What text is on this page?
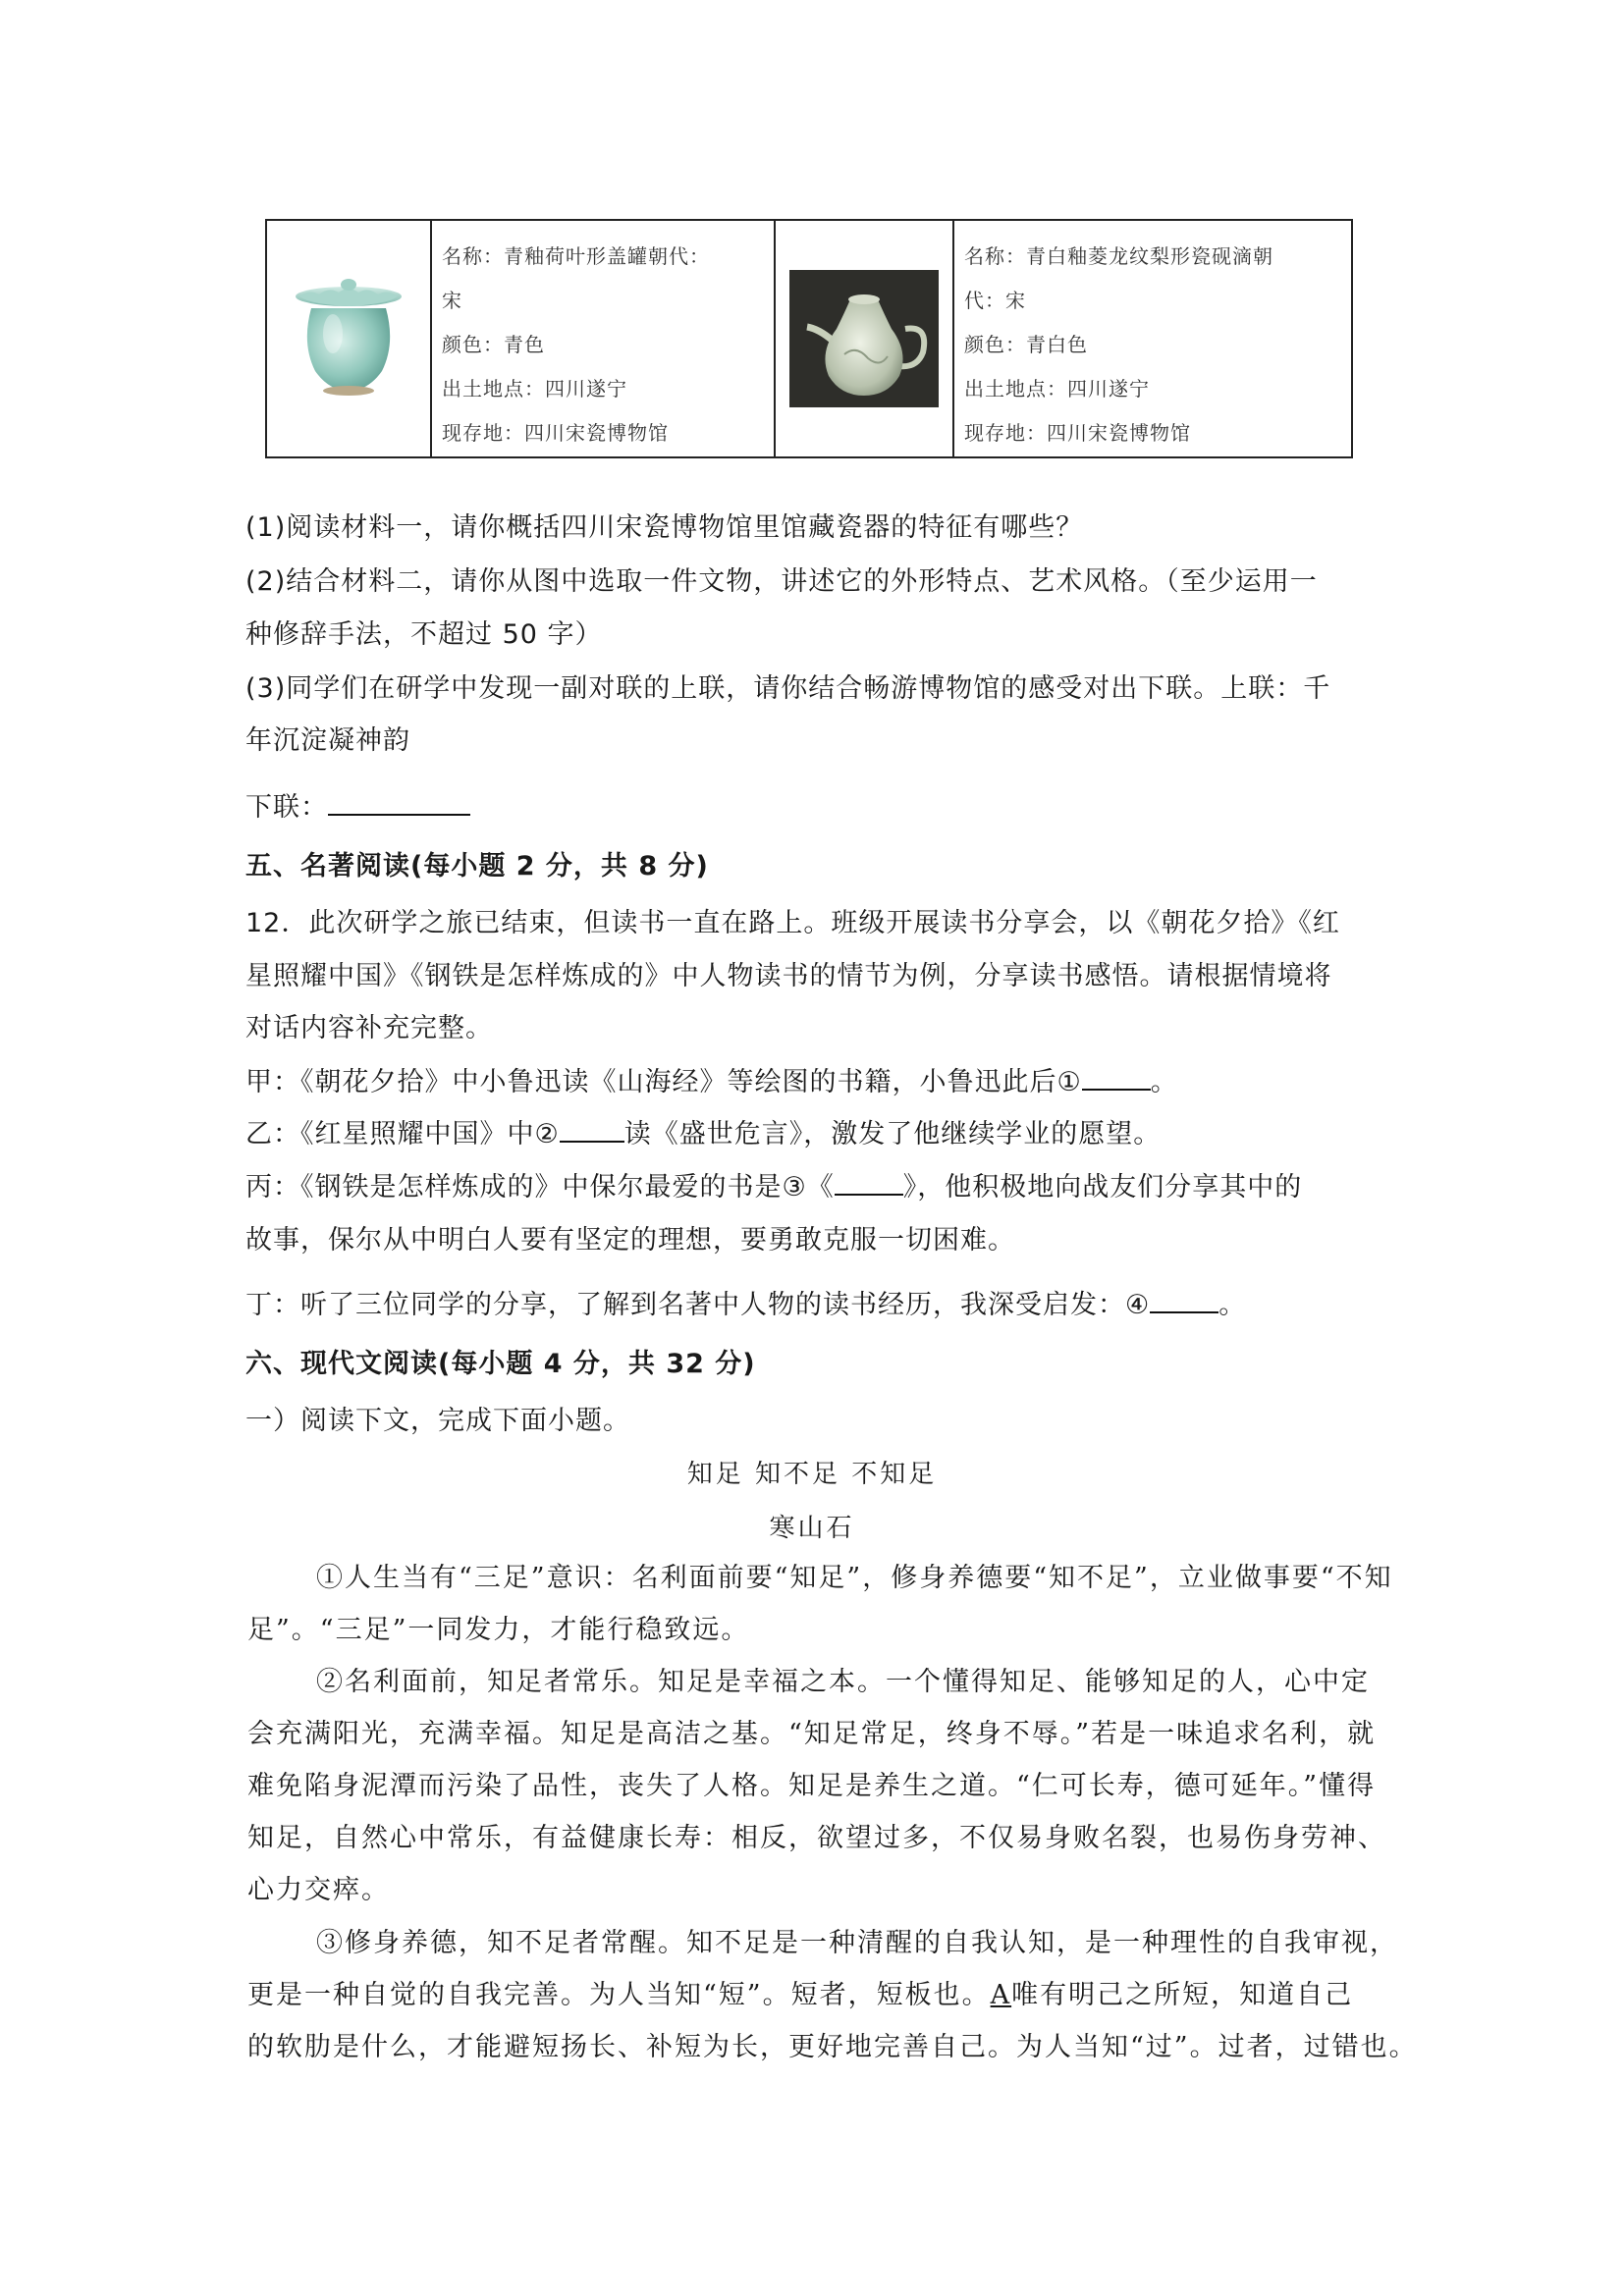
名称：青釉荷叶形盖罐朝代：
宋
颜色：青色
出土地点：四川遂宁
现存地：四川宋瓷博物馆
名称：青白釉菱龙纹梨形瓷砚滴朝
代：宋
颜色：青白色
出土地点：四川遂宁
现存地：四川宋瓷博物馆
(1)阅读材料一，请你概括四川宋瓷博物馆里馆藏瓷器的特征有哪些？
(2)结合材料二，请你从图中选取一件文物，讲述它的外形特点、艺术风格。（至少运用一
种修辞手法，不超过 50 字）
(3)同学们在研学中发现一副对联的上联，请你结合畅游博物馆的感受对出下联。上联：千
年沉淀凝神韵
下联：
五、名著阅读(每小题 2 分，共 8 分)
12．此次研学之旅已结束，但读书一直在路上。班级开展读书分享会，以《朝花夕拾》《红
星照耀中国》《钢铁是怎样炼成的》中人物读书的情节为例，分享读书感悟。请根据情境将
对话内容补充完整。
甲：《朝花夕拾》中小鲁迅读《山海经》等绘图的书籍，小鲁迅此后①	。
乙：《红星照耀中国》中② 读《盛世危言》，激发了他继续学业的愿望。
丙：《钢铁是怎样炼成的》中保尔最爱的书是③《	》，他积极地向战友们分享其中的
故事，保尔从中明白人要有坚定的理想，要勇敢克服一切困难。
丁：听了三位同学的分享，了解到名著中人物的读书经历，我深受启发：④	。
六、现代文阅读(每小题 4 分，共 32 分)
一）阅读下文，完成下面小题。
知足 知不足 不知足
寒山石
①人生当有“三足”意识：名利面前要“知足”，修身养德要“知不足”，立业做事要“不知
足”。“三足”一同发力，才能行稳致远。
②名利面前，知足者常乐。知足是幸福之本。一个懂得知足、能够知足的人，心中定
会充满阳光，充满幸福。知足是高洁之基。“知足常足，终身不辱。”若是一味追求名利，就
难免陷身泥潭而污染了品性，丧失了人格。知足是养生之道。“仁可长寿，德可延年。”懂得
知足，自然心中常乐，有益健康长寿：相反，欲望过多，不仅易身败名裂，也易伤身劳神、
心力交瘁。
③修身养德，知不足者常醒。知不足是一种清醒的自我认知，是一种理性的自我审视，
更是一种自觉的自我完善。为人当知“短”。短者，短板也。A唯有明己之所短，知道自己
的软肋是什么，才能避短扬长、补短为长，更好地完善自己。为人当知“过”。过者，过错也。
